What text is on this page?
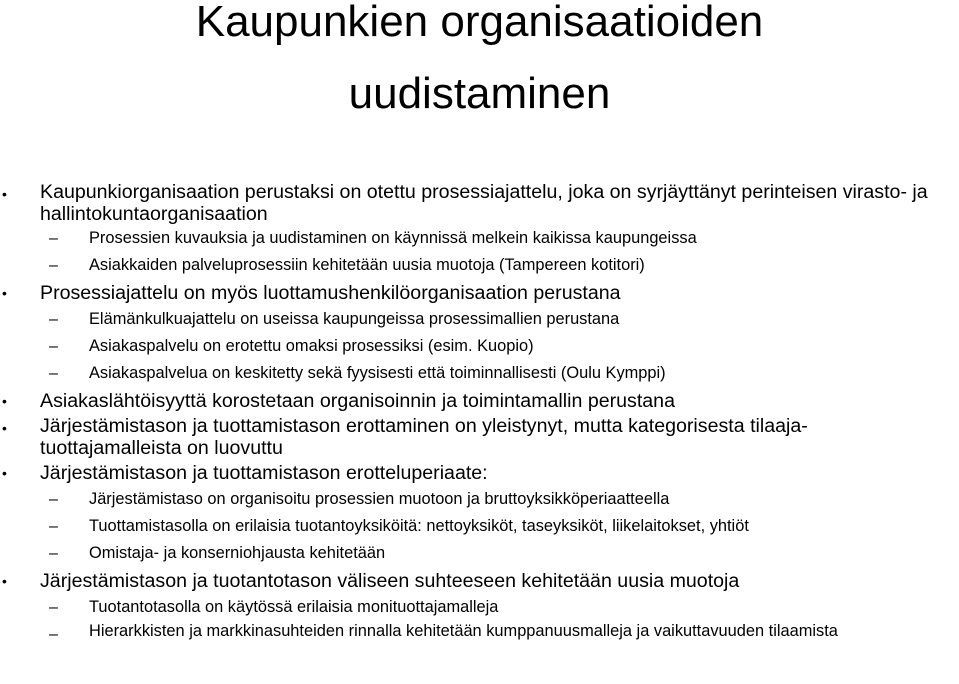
Kaupunkien organisaatioiden
uudistaminen
• Kaupunkiorganisaation perustaksi on otettu prosessiajattelu, joka on syrjäyttänyt perinteisen virasto- ja hallintokuntaorganisaation
– Prosessien kuvauksia ja uudistaminen on käynnissä melkein kaikissa kaupungeissa
– Asiakkaiden palveluprosessiin kehitetään uusia muotoja (Tampereen kotitori)
• Prosessiajattelu on myös luottamushenkilöorganisaation perustana
– Elämänkulkuajattelu on useissa kaupungeissa prosessimallien perustana
– Asiakaspalvelu on erotettu omaksi prosessiksi (esim. Kuopio)
– Asiakaspalvelua on keskitetty sekä fyysisesti että toiminnallisesti (Oulu Kymppi)
• Asiakaslähtöisyyttä korostetaan organisoinnin ja toimintamallin perustana
• Järjestämistason ja tuottamistason erottaminen on yleistynyt, mutta kategorisesta tilaaja-tuottajamalleista on luovuttu
• Järjestämistason ja tuottamistason erotteluperiaate:
– Järjestämistaso on organisoitu prosessien muotoon ja bruttoyksikköperiaatteella
– Tuottamistasolla on erilaisia tuotantoyksiköitä: nettoyksiköt, taseyksiköt, liikelaitokset, yhtiöt
– Omistaja- ja konserniohjausta kehitetään
• Järjestämistason ja tuotantotason väliseen suhteeseen kehitetään uusia muotoja
– Tuotantotasolla on käytössä erilaisia monituottajamalleja
– Hierarkkisten ja markkinasuhteiden rinnalla kehitetään kumppanuusmalleja ja vaikuttavuuden tilaamista
